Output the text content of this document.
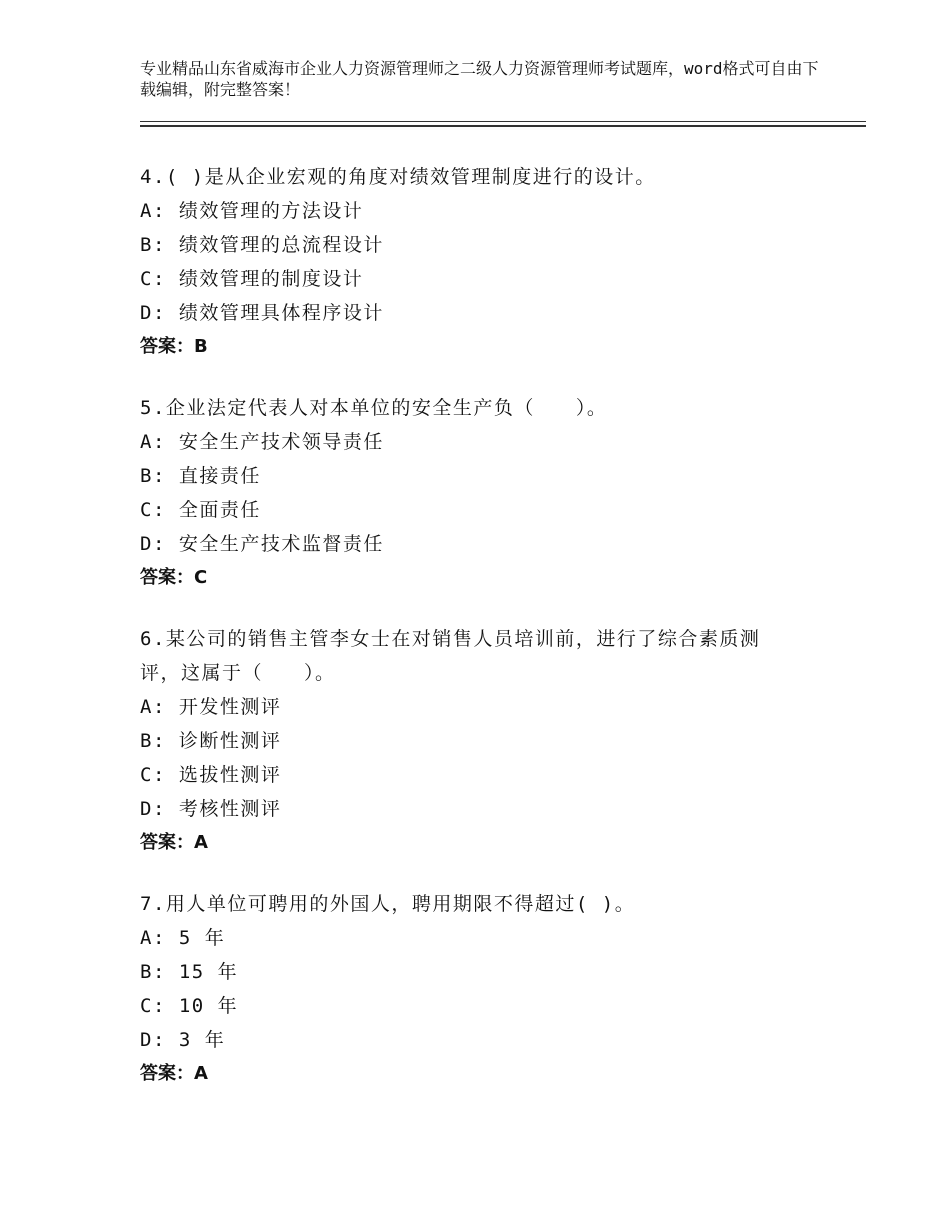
专业精品山东省威海市企业人力资源管理师之二级人力资源管理师考试题库，word格式可自由下载编辑，附完整答案！
4.( )是从企业宏观的角度对绩效管理制度进行的设计。
A: 绩效管理的方法设计
B: 绩效管理的总流程设计
C: 绩效管理的制度设计
D: 绩效管理具体程序设计
答案：B
5.企业法定代表人对本单位的安全生产负（　　）。
A: 安全生产技术领导责任
B: 直接责任
C: 全面责任
D: 安全生产技术监督责任
答案：C
6.某公司的销售主管李女士在对销售人员培训前，进行了综合素质测
评，这属于（　　）。
A: 开发性测评
B: 诊断性测评
C: 选拔性测评
D: 考核性测评
答案：A
7.用人单位可聘用的外国人，聘用期限不得超过( )。
A: 5 年
B: 15 年
C: 10 年
D: 3 年
答案：A
